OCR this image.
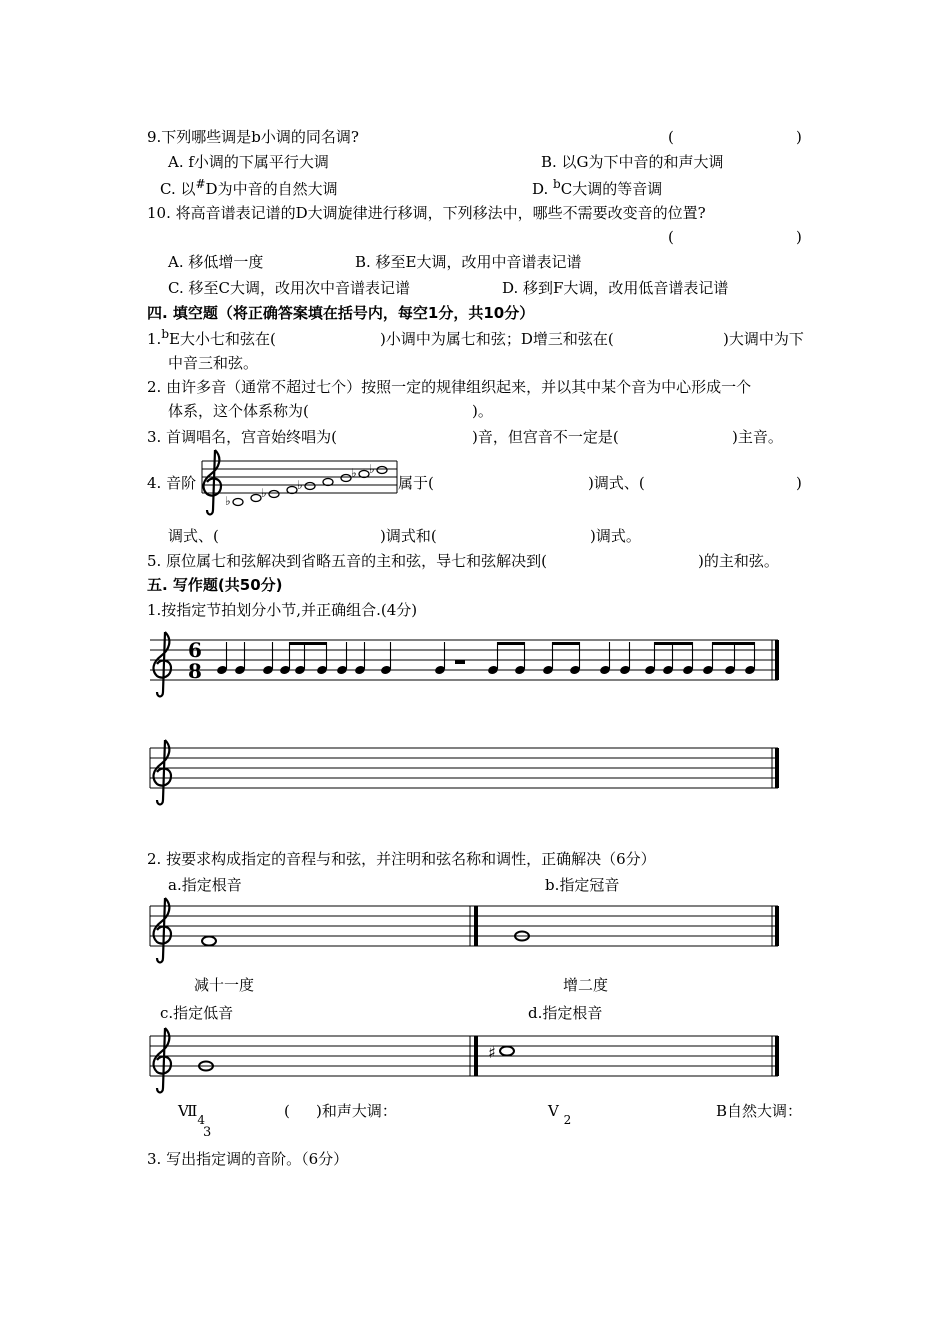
9.下列哪些调是b小调的同名调?	(	)
A. f小调的下属平行大调	B. 以G为下中音的和声大调
C. 以#D为中音的自然大调	D. $^b$C大调的等音调
10. 将高音谱表记谱的D大调旋律进行移调，下列移法中，哪些不需要改变音的位置?
(	)
A. 移低增一度	B. 移至E大调，改用中音谱表记谱
C. 移至C大调，改用次中音谱表记谱	D. 移到F大调，改用低音谱表记谱
四. 填空题（将正确答案填在括号内，每空1分，共10分）
1.$^b$E大小七和弦在(	)小调中为属七和弦；D增三和弦在(	)大调中为下
中音三和弦。
2. 由许多音（通常不超过七个）按照一定的规律组织起来，并以其中某个音为中心形成一个
体系，这个体系称为(	)。
3. 首调唱名，宫音始终唱为(	)音，但宫音不一定是(	)主音。
4. 音阶	属于(	)调式、(	)
调式、(	)调式和(	)调式。
5. 原位属七和弦解决到省略五音的主和弦，导七和弦解决到(	)的主和弦。
五. 写作题(共50分)
1.按指定节拍划分小节,并正确组合.(4分)
2. 按要求构成指定的音程与和弦，并注明和弦名称和调性，正确解决（6分）
a.指定根音	b.指定冠音
减十一度	增二度
c.指定低音	d.指定根音
$Ⅶ_4$
3
( )和声大调：	V $_2$	B自然大调：
3. 写出指定调的音阶。（6分）
♭
♭
♭
♭ ♭
6
8
♯
